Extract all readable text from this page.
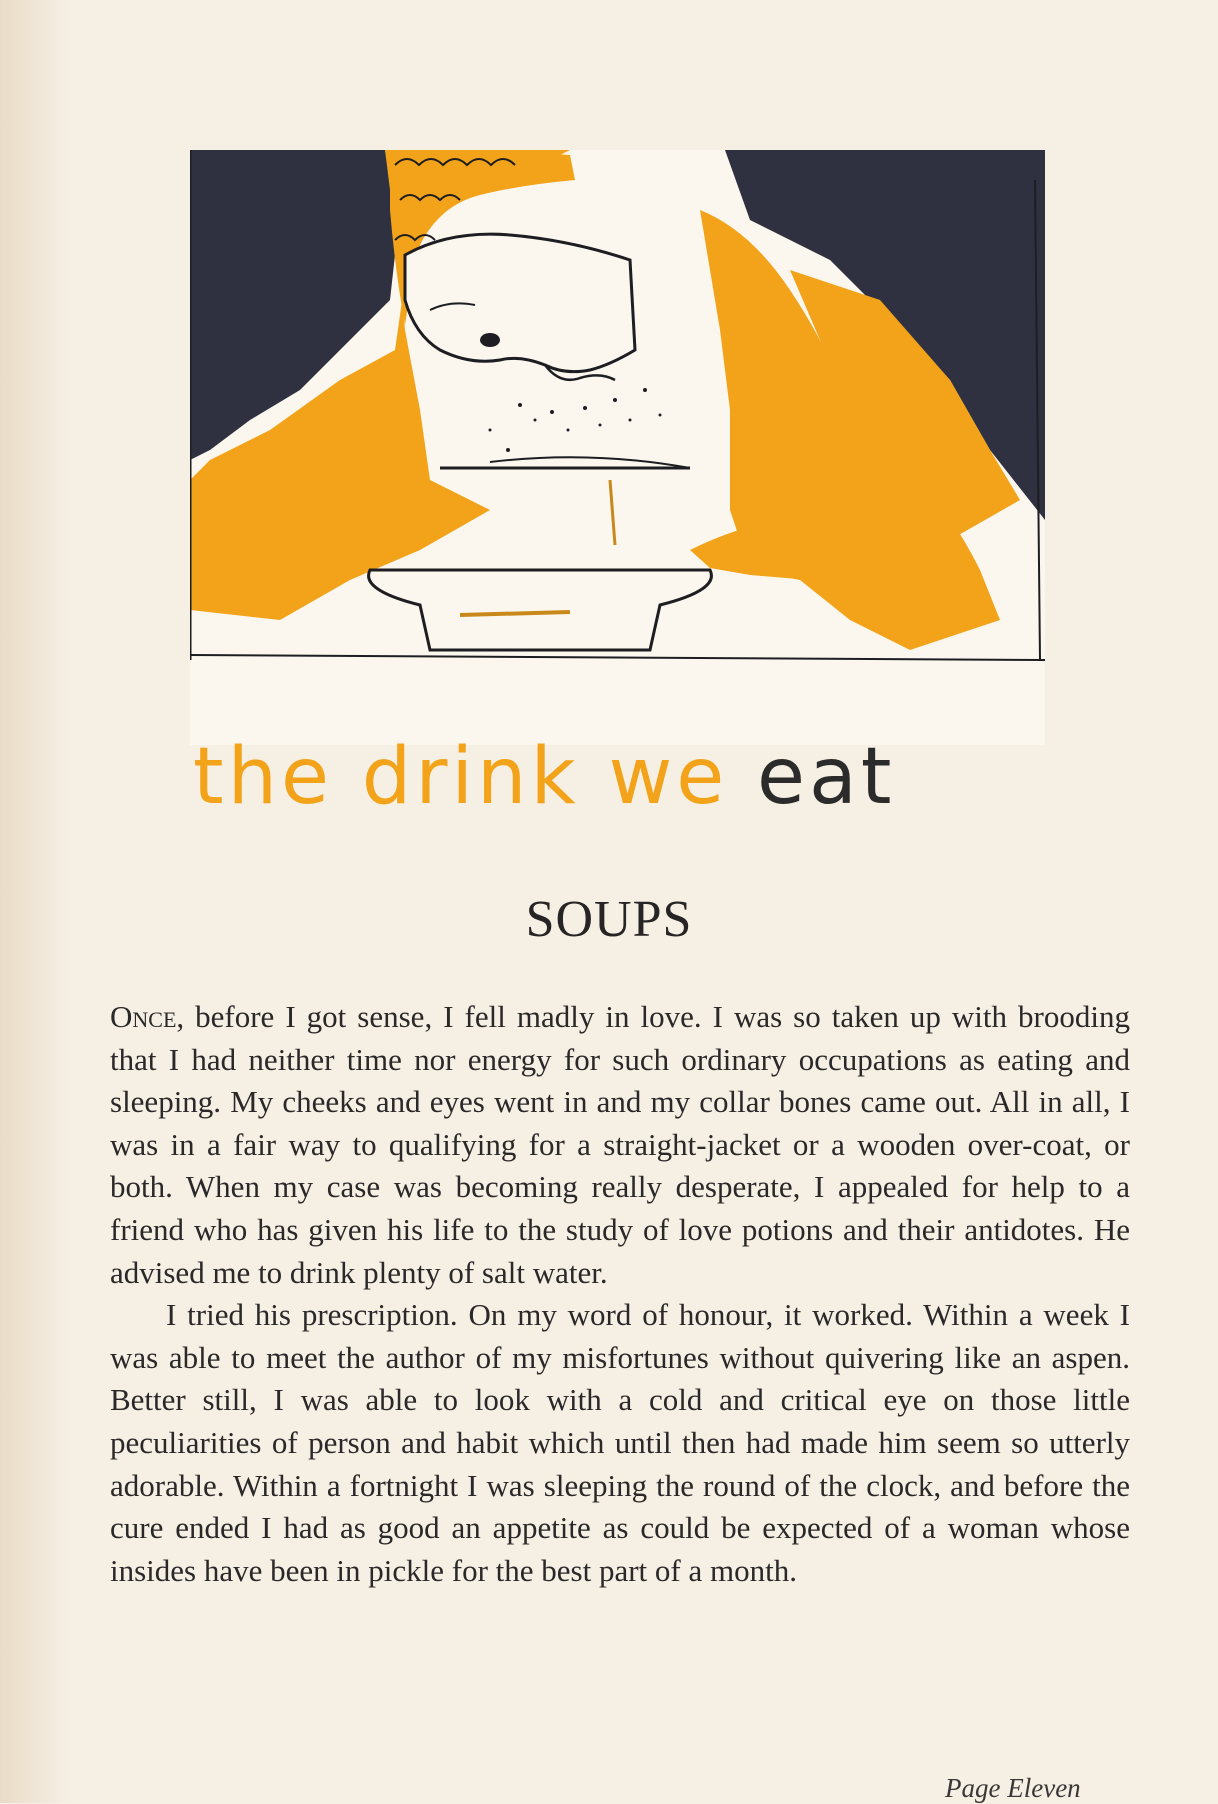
the drink we eat
SOUPS

Once, before I got sense, I fell madly in love. I was so taken up with brooding that I had neither time nor energy for such ordinary occupations as eating and sleeping. My cheeks and eyes went in and my collar bones came out. All in all, I was in a fair way to qualifying for a straight-jacket or a wooden over-coat, or both. When my case was becoming really desperate, I appealed for help to a friend who has given his life to the study of love potions and their antidotes. He advised me to drink plenty of salt water.

I tried his prescription. On my word of honour, it worked. Within a week I was able to meet the author of my misfortunes without quivering like an aspen. Better still, I was able to look with a cold and critical eye on those little peculiarities of person and habit which until then had made him seem so utterly adorable. Within a fortnight I was sleeping the round of the clock, and before the cure ended I had as good an appetite as could be expected of a woman whose insides have been in pickle for the best part of a month.

Page Eleven
